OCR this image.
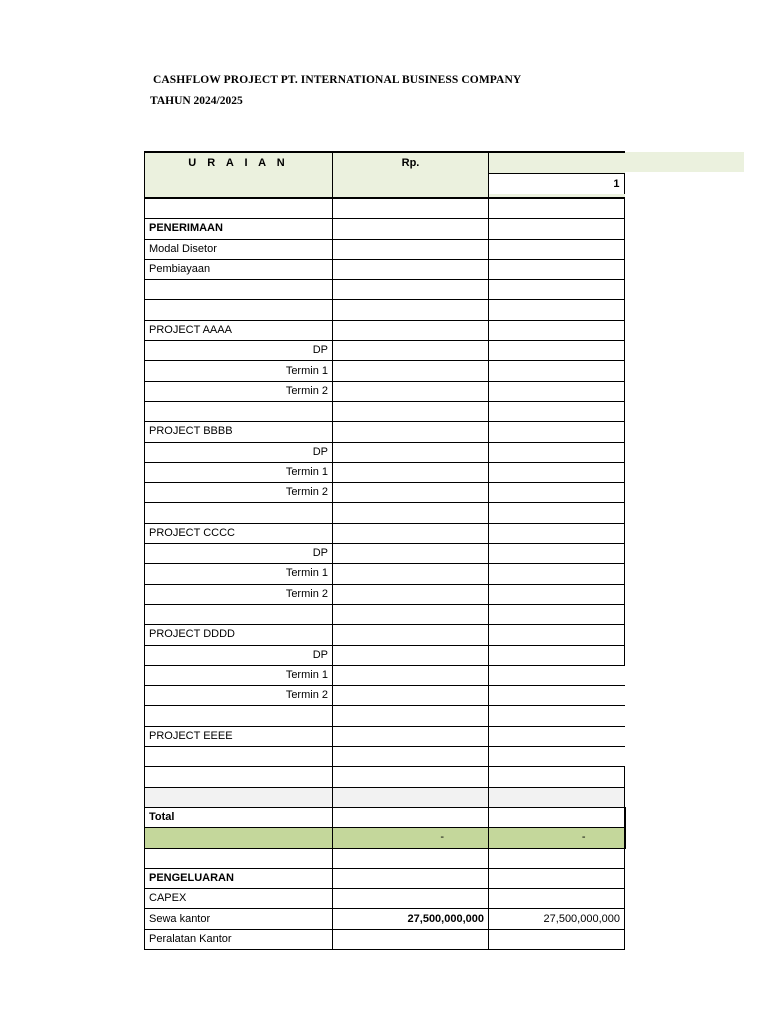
CASHFLOW PROJECT PT. INTERNATIONAL BUSINESS COMPANY
TAHUN 2024/2025
U R A I A N	Rp.	1

PENERIMAAN		
Modal Disetor		
Pembiayaan		

PROJECT AAAA		
DP		
Termin 1		
Termin 2		

PROJECT BBBB		
DP		
Termin 1		
Termin 2		

PROJECT CCCC		
DP		
Termin 1		
Termin 2		

PROJECT DDDD		
DP		
Termin 1		
Termin 2		

PROJECT EEEE		

Total		
	-	-

PENGELUARAN		
CAPEX		
Sewa kantor	27,500,000,000	27,500,000,000
Peralatan Kantor		
